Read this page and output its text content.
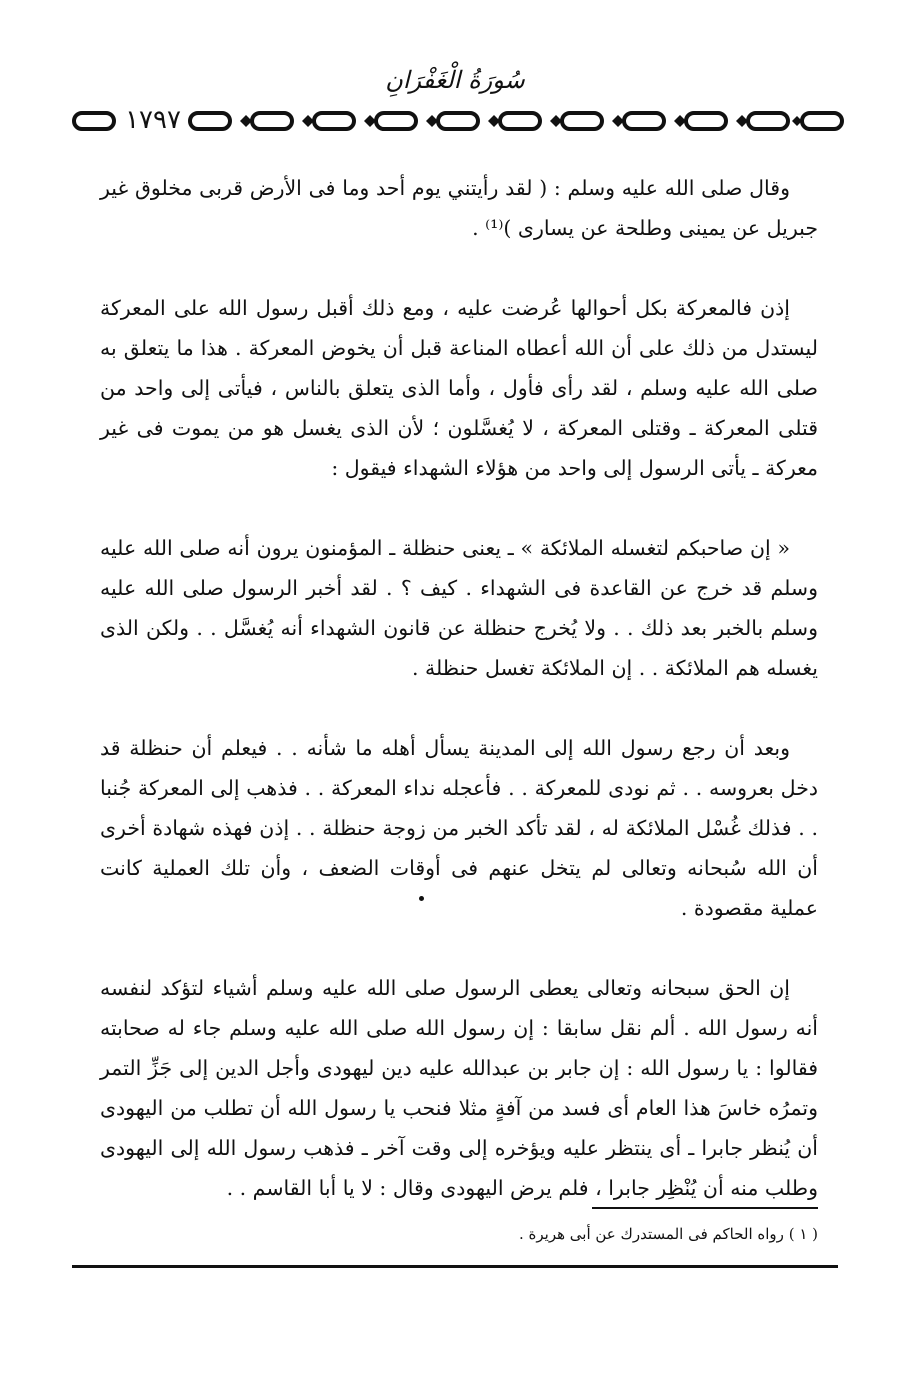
سُورَةُ الْغَفْرَانِ
١٧٩٧

وقال صلى الله عليه وسلم : ( لقد رأيتني يوم أحد وما فى الأرض قربى مخلوق غير جبريل عن يمينى وطلحة عن يسارى )⁽¹⁾ .

إذن فالمعركة بكل أحوالها عُرضت عليه ، ومع ذلك أقبل رسول الله على المعركة ليستدل من ذلك على أن الله أعطاه المناعة قبل أن يخوض المعركة . هذا ما يتعلق به صلى الله عليه وسلم ، لقد رأى فأول ، وأما الذى يتعلق بالناس ، فيأتى إلى واحد من قتلى المعركة ـ وقتلى المعركة ، لا يُغسَّلون ؛ لأن الذى يغسل هو من يموت فى غير معركة ـ يأتى الرسول إلى واحد من هؤلاء الشهداء فيقول :

« إن صاحبكم لتغسله الملائكة » ـ يعنى حنظلة ـ المؤمنون يرون أنه صلى الله عليه وسلم قد خرج عن القاعدة فى الشهداء . كيف ؟ . لقد أخبر الرسول صلى الله عليه وسلم بالخبر بعد ذلك . . ولا يُخرج حنظلة عن قانون الشهداء أنه يُغسَّل . . ولكن الذى يغسله هم الملائكة . . إن الملائكة تغسل حنظلة .

وبعد أن رجع رسول الله إلى المدينة يسأل أهله ما شأنه . . فيعلم أن حنظلة قد دخل بعروسه . . ثم نودى للمعركة . . فأعجله نداء المعركة . . فذهب إلى المعركة جُنبا . . فذلك غُسْل الملائكة له ، لقد تأكد الخبر من زوجة حنظلة . . إذن فهذه شهادة أخرى أن الله سُبحانه وتعالى لم يتخل عنهم فى أوقات الضعف ، وأن تلك العملية كانت عملية مقصودة .

إن الحق سبحانه وتعالى يعطى الرسول صلى الله عليه وسلم أشياء لتؤكد لنفسه أنه رسول الله . ألم نقل سابقا : إن رسول الله صلى الله عليه وسلم جاء له صحابته فقالوا : يا رسول الله : إن جابر بن عبدالله عليه دين ليهودى وأجل الدين إلى جَزِّ التمر وتمرُه خاسَ هذا العام أى فسد من آفةٍ مثلا فنحب يا رسول الله أن تطلب من اليهودى أن يُنظر جابرا ـ أى ينتظر عليه ويؤخره إلى وقت آخر ـ فذهب رسول الله إلى اليهودى وطلب منه أن يُنْظِر جابرا ، فلم يرض اليهودى وقال : لا يا أبا القاسم . .

( ١ ) رواه الحاكم فى المستدرك عن أبى هريرة .
